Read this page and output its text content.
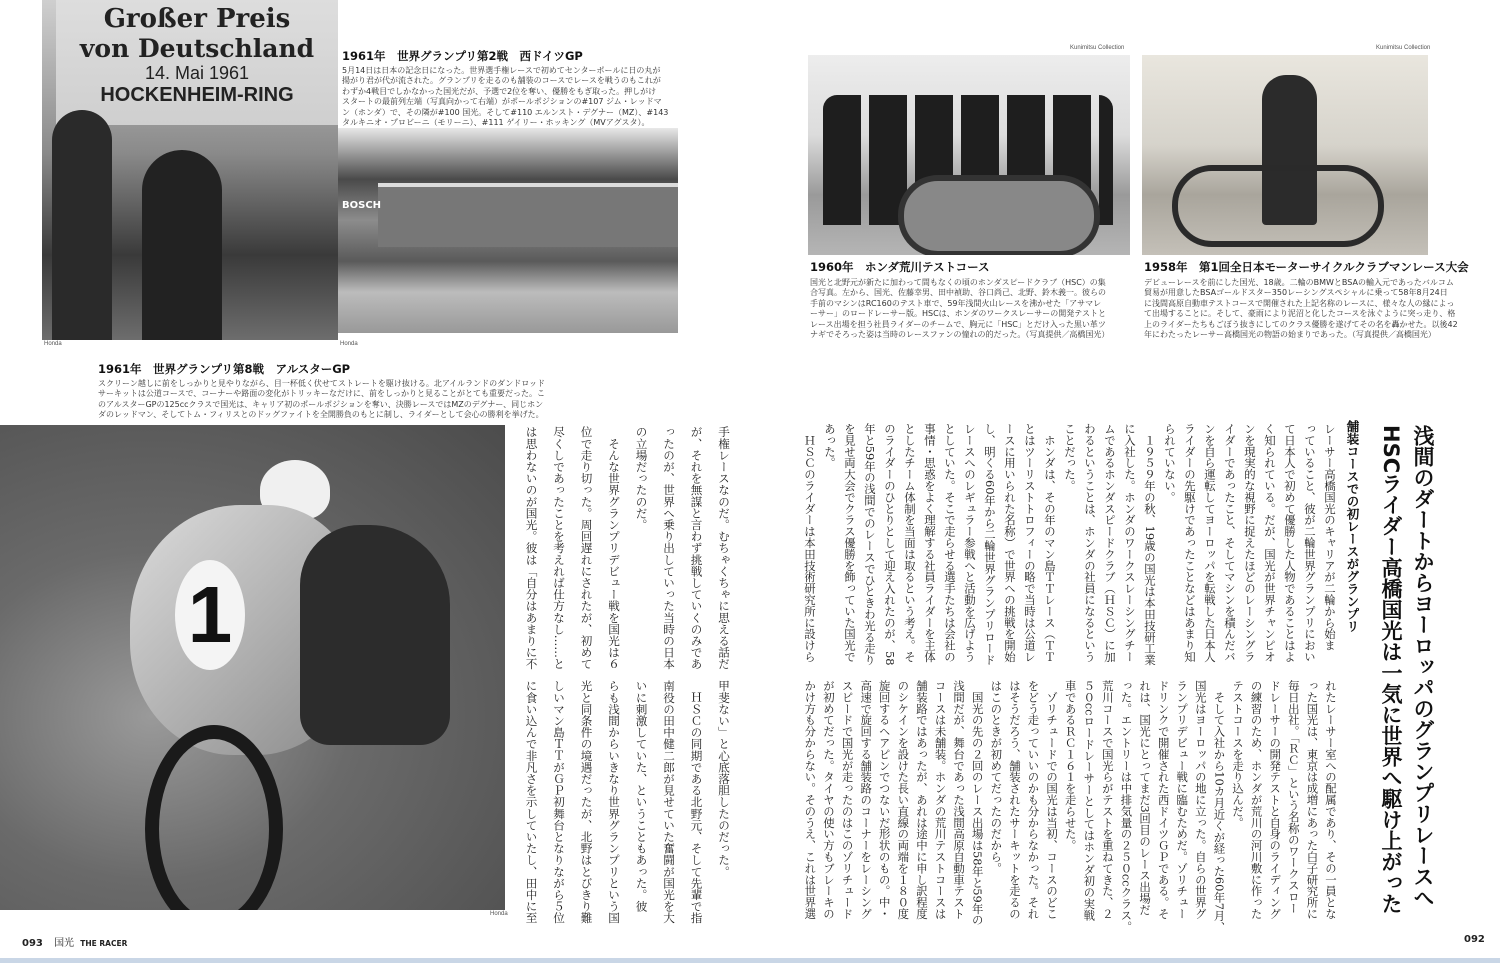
Großer Preis
von Deutschland
14. Mai 1961
HOCKENHEIM-RING
Honda
BOSCH
Honda
1961年　世界グランプリ第2戦　西ドイツGP
5月14日は日本の記念日になった。世界選手権レースで初めてセンターポールに日の丸が
揚がり君が代が流された。グランプリを走るのも舗装のコースでレースを戦うのもこれが
わずか4戦目でしかなかった国光だが、予選で2位を奪い、優勝をもぎ取った。押しがけ
スタートの最前列左端（写真向かって右端）がポールポジションの#107 ジム・レッドマ
ン（ホンダ）で、その隣が#100 国光。そして#110 エルンスト・デグナー（MZ）、#143
タルキニオ・プロビーニ（モリーニ）、#111 ゲイリー・ホッキング（MVアグスタ）。
Kunimitsu Collection
1960年　ホンダ荒川テストコース
国光と北野元が新たに加わって間もなくの頃のホンダスピードクラブ（HSC）の集
合写真。左から、国光、佐藤幸男、田中禎助、谷口尚己、北野、鈴木義一。彼らの
手前のマシンはRC160のテスト車で、59年浅間火山レースを沸かせた「アサマレ
ーサー」のロードレーサー版。HSCは、ホンダのワークスレーサーの開発テストと
レース出場を担う社員ライダーのチームで、胸元に「HSC」とだけ入った黒い革ツ
ナギでそろった姿は当時のレースファンの憧れの的だった。（写真提供／高橋国光）
Kunimitsu Collection
1958年　第1回全日本モーターサイクルクラブマンレース大会
デビューレースを前にした国光、18歳。二輪のBMWとBSAの輸入元であったバルコム
貿易が用意したBSAゴールドスター350レーシングスペシャルに乗って58年8月24日
に浅間高原自動車テストコースで開催された上記名称のレースに、様々な人の縁によっ
て出場することに。そして、豪雨により泥沼と化したコースを泳ぐように突っ走り、格
上のライダーたちもごぼう抜きにしてのクラス優勝を遂げてその名を轟かせた。以後42
年にわたったレーサー高橋国光の物語の始まりであった。（写真提供／高橋国光）
1961年　世界グランプリ第8戦　アルスターGP
スクリーン越しに前をしっかりと見やりながら、目一杯低く伏せてストレートを駆け抜ける。北アイルランドのダンドロッド
サーキットは公道コースで、コーナーや路面の変化がトリッキーなだけに、前をしっかりと見ることがとても重要だった。こ
のアルスターGPの125ccクラスで国光は、キャリア初のポールポジションを奪い、決勝レースではMZのデグナー、同じホン
ダのレッドマン、そしてトム・フィリスとのドッグファイトを全開勝負のもとに制し、ライダーとして会心の勝利を挙げた。
1
Honda
浅間のダートからヨーロッパのグランプリレースへ
HSCライダー高橋国光は一気に世界へ駆け上がった
舗装コースでの初レースがグランプリ
レーサー高橋国光のキャリアが二輪から始ま
っていること、彼が二輪世界グランプリにおい
て日本人で初めて優勝した人物であることはよ
く知られている。だが、国光が世界チャンピオ
ンを現実的な視野に捉えたほどのレーシングラ
イダーであったこと、そしてマシンを積んだバ
ンを自ら運転してヨーロッパを転戦した日本人
ライダーの先駆けであったことなどはあまり知
られていない。
　１９５９年の秋、19歳の国光は本田技研工業
に入社した。ホンダのワークスレーシングチー
ムであるホンダスピードクラブ（ＨＳＣ）に加
わるということは、ホンダの社員になるという
ことだった。
　ホンダは、その年のマン島ＴＴレース（ＴＴ
とはツーリストトロフィーの略で当時は公道レ
ースに用いられた名称）で世界への挑戦を開始
し、明くる60年から二輪世界グランプリロード
レースへのレギュラー参戦へと活動を広げよう
としていた。そこで走らせる選手たちは会社の
事情・思惑をよく理解する社員ライダーを主体
としたチーム体制を当面は取るという考え。そ
のライダーのひとりとして迎え入れたのが、58
年と59年の浅間でのレースでひときわ光る走り
を見せ両大会でクラス優勝を飾っていた国光で
あった。
　ＨＳＣのライダーは本田技術研究所に設けら
れたレーサー室への配属であり、その一員とな
った国光は、東京は成増にあった白子研究所に
毎日出社。「ＲＣ」という名称のワークスロー
ドレーサーの開発テストと自身のライディング
の練習のため、ホンダが荒川の河川敷に作った
テストコースを走り込んだ。
　そして入社から10カ月近くが経った60年7月、
国光はヨーロッパの地に立った。自らの世界グ
ランプリデビュー戦に臨むためだ。ゾリチュー
ドリンクで開催された西ドイツＧＰである。そ
れは、国光にとってまだ3回目のレース出場だ
った。エントリーは中排気量の２５０ccクラス。
荒川コースで国光らがテストを重ねてきた、２
５０ccロードレーサーとしてはホンダ初の実戦
車であるＲＣ１６１を走らせた。
　ゾリチュードでの国光は当初、コースのどこ
をどう走っていいのかも分からなかった。それ
はそうだろう、舗装されたサーキットを走るの
はこのときが初めてだったのだから。
　国光の先の２回のレース出場は58年と59年の
浅間だが、舞台であった浅間高原自動車テスト
コースは未舗装。ホンダの荒川テストコースは
舗装路ではあったが、あれは途中に申し訳程度
のシケインを設けた長い直線の両端を１８０度
旋回するヘアピンでつないだ形状のもの。中・
高速で旋回する舗装路のコーナーをレーシング
スピードで国光が走ったのはこのゾリチュード
が初めてだった。タイヤの使い方もブレーキの
かけ方も分からない。そのうえ、これは世界選
手権レースなのだ。むちゃくちゃに思える話だ
が、それを無謀と言わず挑戦していくのみであ
ったのが、世界へ乗り出していった当時の日本
の立場だったのだ。
　そんな世界グランプリデビュー戦を国光は６
位で走り切った。周回遅れにされたが、初めて
尽くしであったことを考えれば仕方なし……と
は思わないのが国光。彼は「自分はあまりに不
甲斐ない」と心底落胆したのだった。
　ＨＳＣの同期である北野元、そして先輩で指
南役の田中健二郎が見せていた奮闘が国光を大
いに刺激していた、ということもあった。彼
らも浅間からいきなり世界グランプリという国
光と同条件の境遇だったが、北野はとびきり難
しいマン島ＴＴがＧＰ初舞台となりながら５位
に食い込んで非凡さを示していたし、田中に至
093 国光 THE RACER	092
